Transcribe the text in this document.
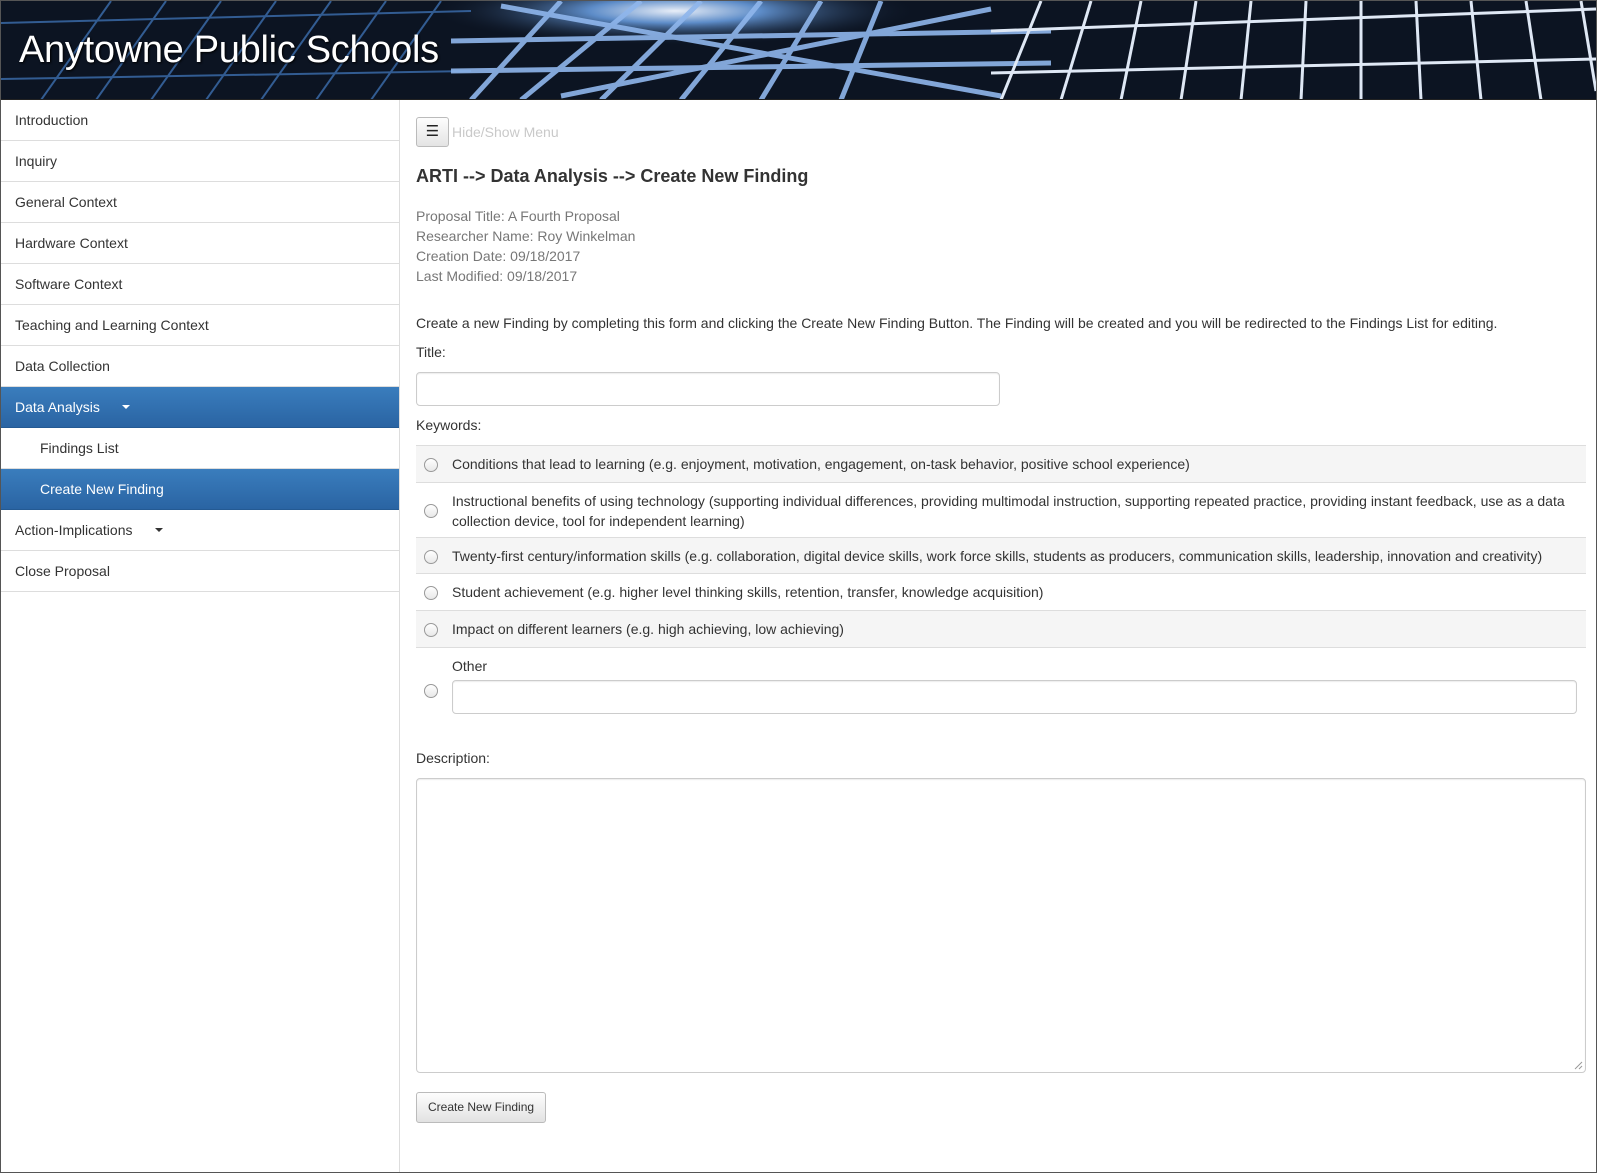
Anytowne Public Schools
Introduction
Inquiry
General Context
Hardware Context
Software Context
Teaching and Learning Context
Data Collection
Data Analysis
Findings List
Create New Finding
Action-Implications
Close Proposal
☰ Hide/Show Menu
ARTI --> Data Analysis --> Create New Finding
Proposal Title: A Fourth Proposal
Researcher Name: Roy Winkelman
Creation Date: 09/18/2017
Last Modified: 09/18/2017
Create a new Finding by completing this form and clicking the Create New Finding Button. The Finding will be created and you will be redirected to the Findings List for editing.
Title:
Keywords:
Conditions that lead to learning (e.g. enjoyment, motivation, engagement, on-task behavior, positive school experience)
Instructional benefits of using technology (supporting individual differences, providing multimodal instruction, supporting repeated practice, providing instant feedback, use as a data collection device, tool for independent learning)
Twenty-first century/information skills (e.g. collaboration, digital device skills, work force skills, students as producers, communication skills, leadership, innovation and creativity)
Student achievement (e.g. higher level thinking skills, retention, transfer, knowledge acquisition)
Impact on different learners (e.g. high achieving, low achieving)
Other
Description:
Create New Finding
